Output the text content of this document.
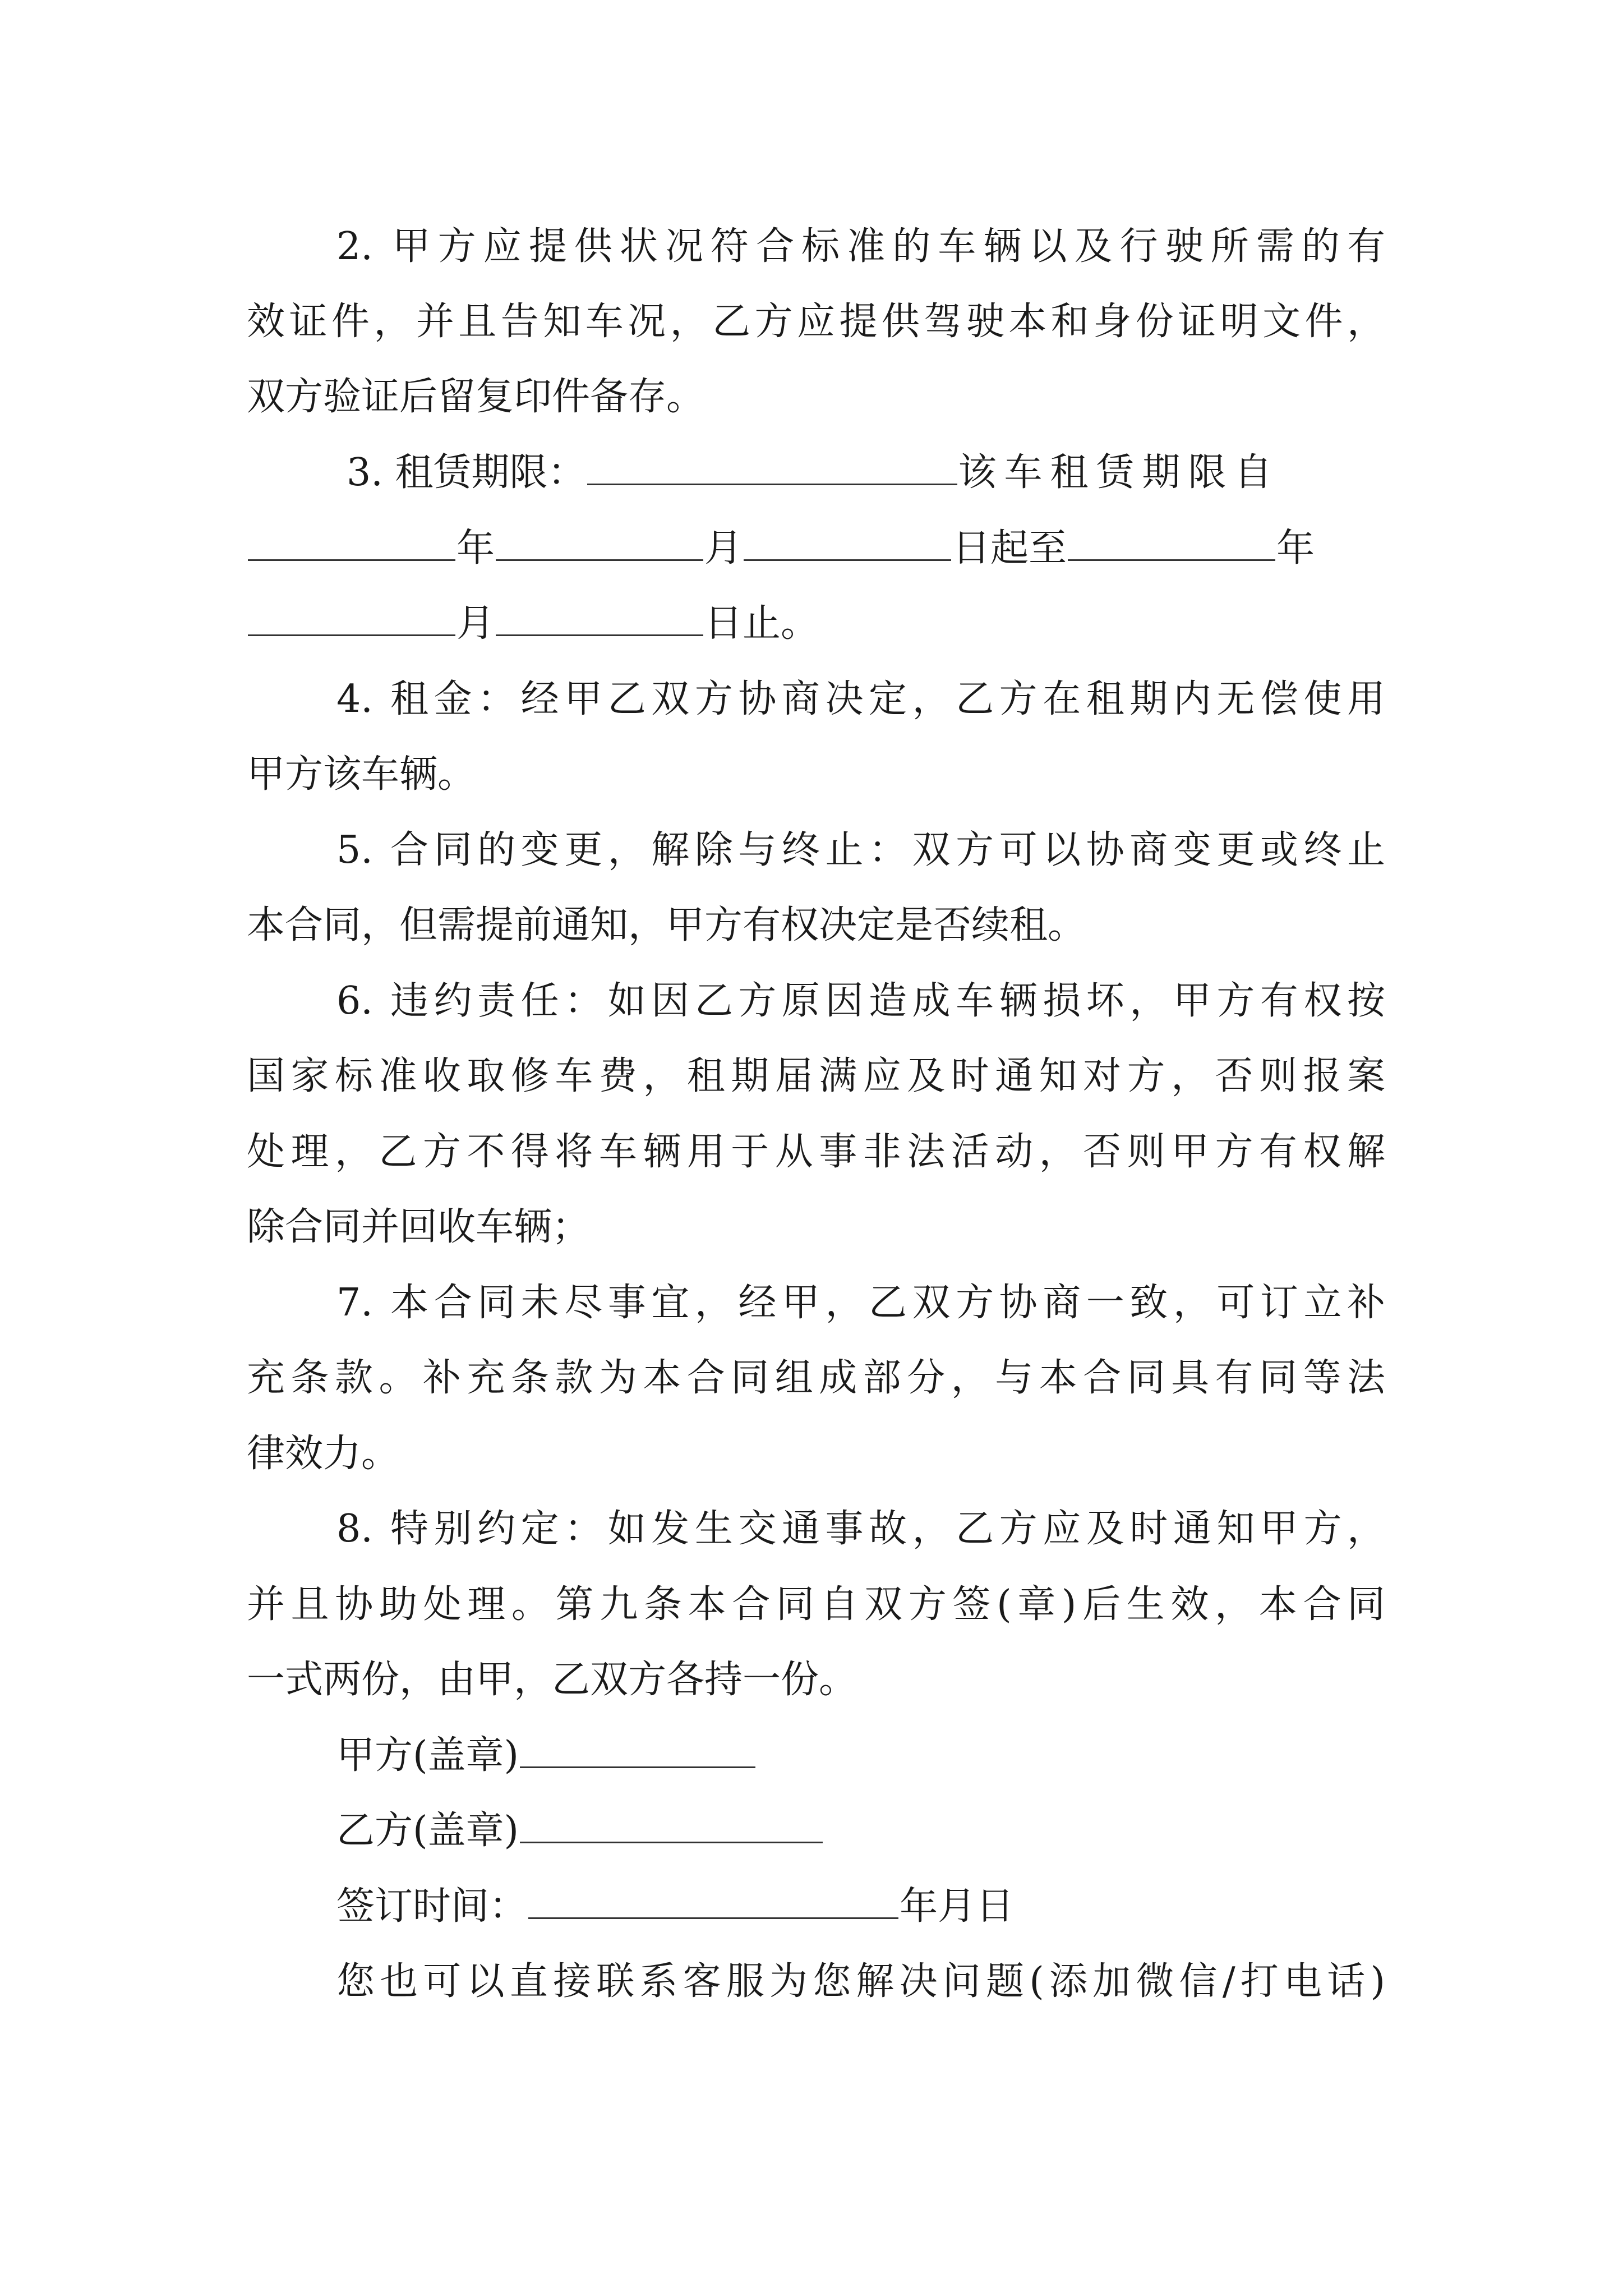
2. 甲方应提供状况符合标准的车辆以及行驶所需的有
效证件，并且告知车况，乙方应提供驾驶本和身份证明文件，
双方验证后留复印件备存。
3. 租赁期限：	该车租赁期限自
年	月	日起至	年
月	日止。
4. 租金：经甲乙双方协商决定，乙方在租期内无偿使用
甲方该车辆。
5. 合同的变更，解除与终止：双方可以协商变更或终止
本合同，但需提前通知，甲方有权决定是否续租。
6. 违约责任：如因乙方原因造成车辆损坏，甲方有权按
国家标准收取修车费，租期届满应及时通知对方，否则报案
处理，乙方不得将车辆用于从事非法活动，否则甲方有权解
除合同并回收车辆；
7. 本合同未尽事宜，经甲，乙双方协商一致，可订立补
充条款。补充条款为本合同组成部分，与本合同具有同等法
律效力。
8. 特别约定：如发生交通事故，乙方应及时通知甲方，
并且协助处理。第九条本合同自双方签(章)后生效，本合同
一式两份，由甲，乙双方各持一份。
甲方(盖章)
乙方(盖章)
签订时间：	年月日
您也可以直接联系客服为您解决问题(添加微信/打电话)
